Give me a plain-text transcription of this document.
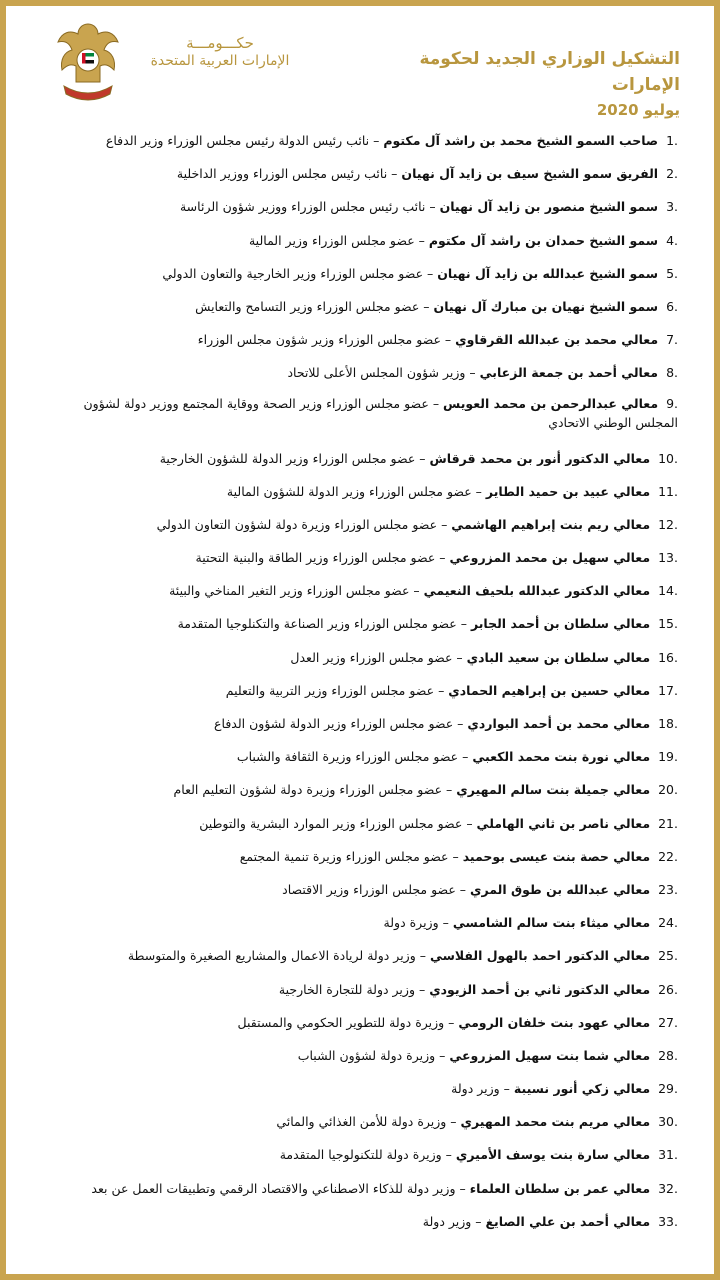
حكـــومـــة
الإمارات العربية المتحدة	التشكيل الوزاري الجديد لحكومة الإمارات
يوليو 2020
1.صاحب السمو الشيخ محمد بن راشد آل مكتوم – نائب رئيس الدولة رئيس مجلس الوزراء وزير الدفاع
2.الفريق سمو الشيخ سيف بن زايد آل نهيان – نائب رئيس مجلس الوزراء ووزير الداخلية
3.سمو الشيخ منصور بن زايد آل نهيان – نائب رئيس مجلس الوزراء ووزير شؤون الرئاسة
4.سمو الشيخ حمدان بن راشد آل مكتوم – عضو مجلس الوزراء وزير المالية
5.سمو الشيخ عبدالله بن زايد آل نهيان – عضو مجلس الوزراء وزير الخارجية والتعاون الدولي
6.سمو الشيخ نهيان بن مبارك آل نهيان – عضو مجلس الوزراء وزير التسامح والتعايش
7.معالي محمد بن عبدالله القرقاوي – عضو مجلس الوزراء وزير شؤون مجلس الوزراء
8.معالي أحمد بن جمعة الزعابي – وزير شؤون المجلس الأعلى للاتحاد
9.معالي عبدالرحمن بن محمد العويس – عضو مجلس الوزراء وزير الصحة ووقاية المجتمع ووزير دولة لشؤون المجلس الوطني الاتحادي
10.معالي الدكتور أنور بن محمد قرقاش – عضو مجلس الوزراء وزير الدولة للشؤون الخارجية
11.معالي عبيد بن حميد الطاير – عضو مجلس الوزراء وزير الدولة للشؤون المالية
12.معالي ريم بنت إبراهيم الهاشمي – عضو مجلس الوزراء وزيرة دولة لشؤون التعاون الدولي
13.معالي سهيل بن محمد المزروعي – عضو مجلس الوزراء وزير الطاقة والبنية التحتية
14.معالي الدكتور عبدالله بلحيف النعيمي – عضو مجلس الوزراء وزير التغير المناخي والبيئة
15.معالي سلطان بن أحمد الجابر – عضو مجلس الوزراء وزير الصناعة والتكنلوجيا المتقدمة
16.معالي سلطان بن سعيد البادي – عضو مجلس الوزراء وزير العدل
17.معالي حسين بن إبراهيم الحمادي – عضو مجلس الوزراء وزير التربية والتعليم
18.معالي محمد بن أحمد البواردي – عضو مجلس الوزراء وزير الدولة لشؤون الدفاع
19.معالي نورة بنت محمد الكعبي – عضو مجلس الوزراء وزيرة الثقافة والشباب
20.معالي جميلة بنت سالم المهيري – عضو مجلس الوزراء وزيرة دولة لشؤون التعليم العام
21.معالي ناصر بن ثاني الهاملي – عضو مجلس الوزراء وزير الموارد البشرية والتوطين
22.معالي حصة بنت عيسى بوحميد – عضو مجلس الوزراء وزيرة تنمية المجتمع
23.معالي عبدالله بن طوق المري – عضو مجلس الوزراء وزير الاقتصاد
24.معالي ميثاء بنت سالم الشامسي – وزيرة دولة
25.معالي الدكتور احمد بالهول الفلاسي – وزير دولة لريادة الاعمال والمشاريع الصغيرة والمتوسطة
26.معالي الدكتور ثاني بن أحمد الزيودي – وزير دولة للتجارة الخارجية
27.معالي عهود بنت خلفان الرومي – وزيرة دولة للتطوير الحكومي والمستقبل
28.معالي شما بنت سهيل المزروعي – وزيرة دولة لشؤون الشباب
29.معالي زكي أنور نسيبة – وزير دولة
30.معالي مريم بنت محمد المهيري – وزيرة دولة للأمن الغذائي والمائي
31.معالي سارة بنت يوسف الأميري – وزيرة دولة للتكنولوجيا المتقدمة
32.معالي عمر بن سلطان العلماء – وزير دولة للذكاء الاصطناعي والاقتصاد الرقمي وتطبيقات العمل عن بعد
33.معالي أحمد بن علي الصايغ – وزير دولة
